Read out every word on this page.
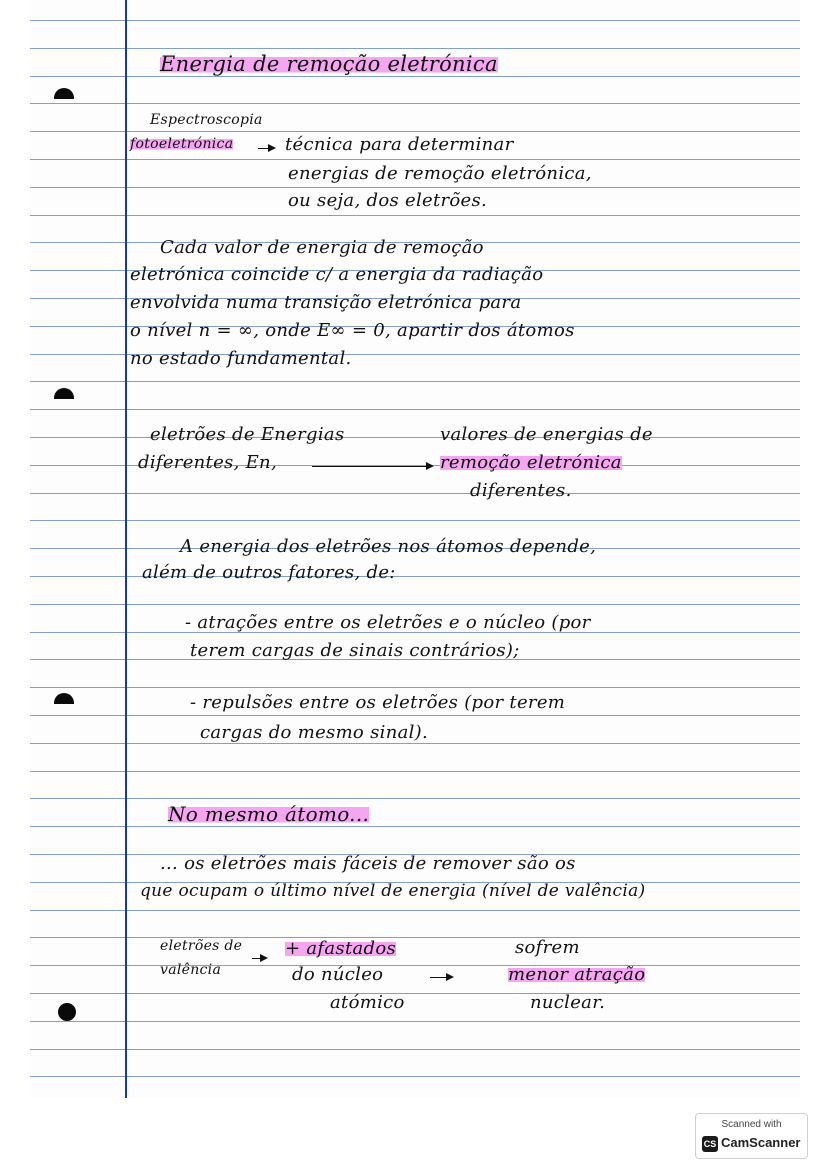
Energia de remoção eletrónica
Espectroscopia
fotoeletrónica	técnica para determinar
energias de remoção eletrónica,
ou seja, dos eletrões.
Cada valor de energia de remoção
eletrónica coincide c/ a energia da radiação
envolvida numa transição eletrónica para
o nível n = ∞, onde E∞ = 0, apartir dos átomos
no estado fundamental.
eletrões de Energias
diferentes, En,
valores de energias de
remoção eletrónica
diferentes.
A energia dos eletrões nos átomos depende,
além de outros fatores, de:
- atrações entre os eletrões e o núcleo (por
terem cargas de sinais contrários);
- repulsões entre os eletrões (por terem
cargas do mesmo sinal).
No mesmo átomo...
... os eletrões mais fáceis de remover são os
que ocupam o último nível de energia (nível de valência)
eletrões de
valência
+ afastados
do núcleo
atómico
sofrem
menor atração
nuclear.
Scanned with
CS CamScanner
